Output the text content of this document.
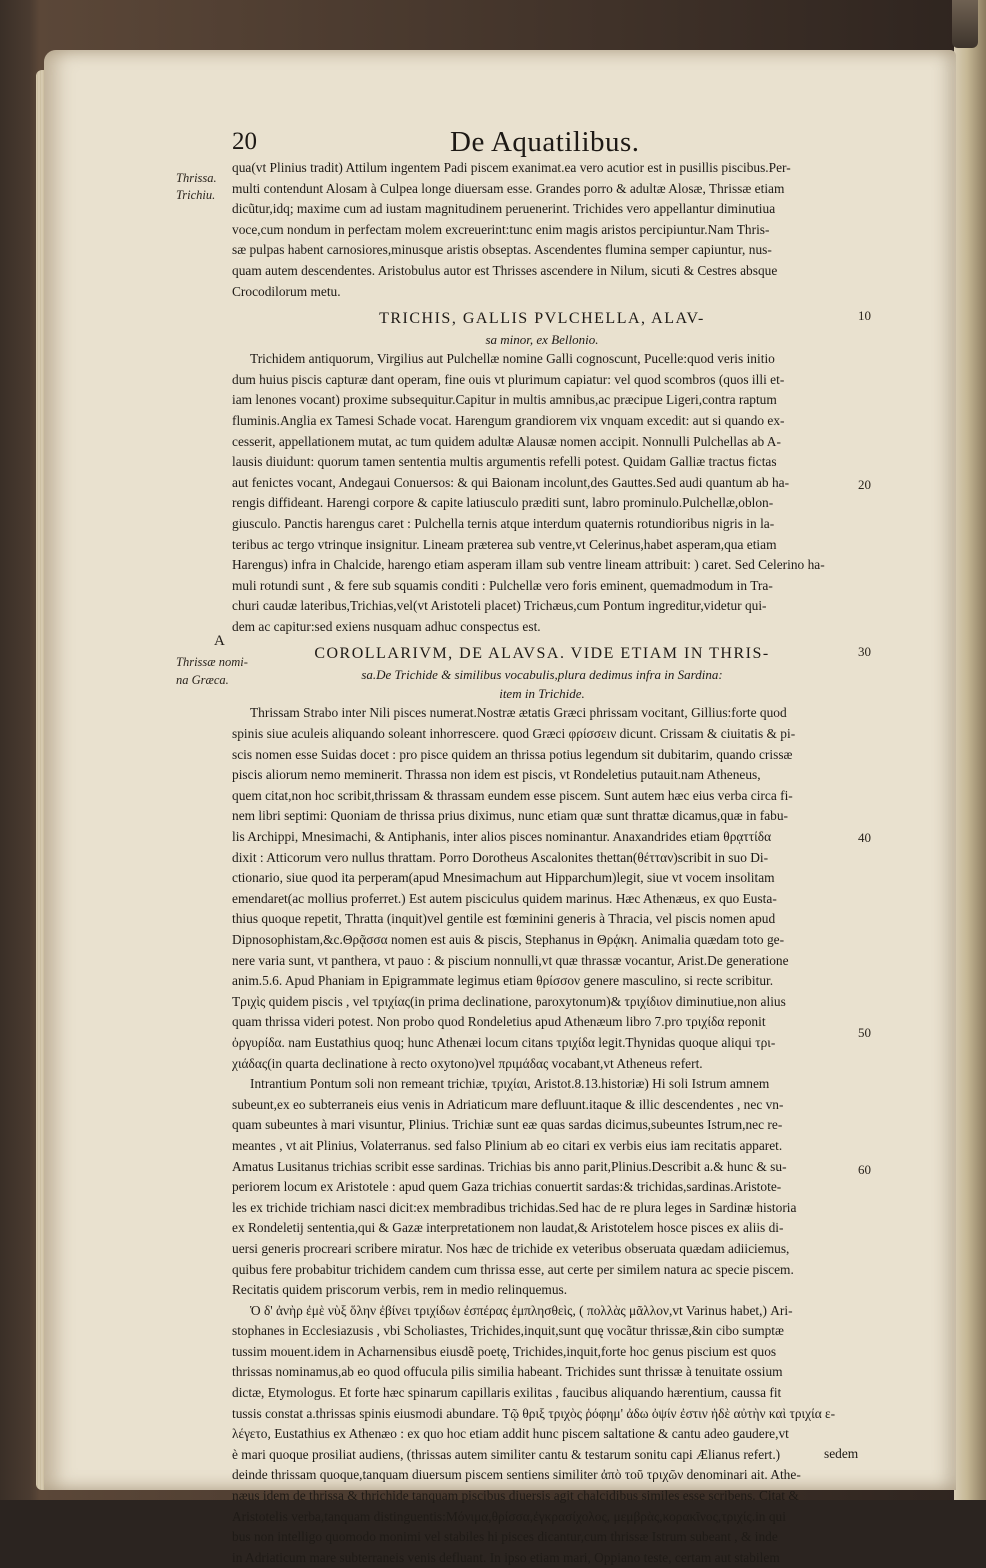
20	De Aquatilibus.
Thrissa.
Trichiu.
Thrissæ nomi-
na Græca.
A
10
20
30
40
50
60
qua(vt Plinius tradit) Attilum ingentem Padi piscem exanimat.ea vero acutior est in pusillis piscibus.Per-
multi contendunt Alosam à Culpea longe diuersam esse. Grandes porro & adultæ Alosæ, Thrissæ etiam
dicũtur,idq; maxime cum ad iustam magnitudinem peruenerint. Trichides vero appellantur diminutiua
voce,cum nondum in perfectam molem excreuerint:tunc enim magis aristos percipiuntur.Nam Thris-
sæ pulpas habent carnosiores,minusque aristis obseptas. Ascendentes flumina semper capiuntur, nus-
quam autem descendentes. Aristobulus autor est Thrisses ascendere in Nilum, sicuti & Cestres absque
Crocodilorum metu.
TRICHIS, GALLIS PVLCHELLA, ALAV-
sa minor, ex Bellonio.
Trichidem antiquorum, Virgilius aut Pulchellæ nomine Galli cognoscunt, Pucelle:quod veris initio
dum huius piscis capturæ dant operam, fine ouis vt plurimum capiatur: vel quod scombros (quos illi et-
iam lenones vocant) proxime subsequitur.Capitur in multis amnibus,ac præcipue Ligeri,contra raptum
fluminis.Anglia ex Tamesi Schade vocat. Harengum grandiorem vix vnquam excedit: aut si quando ex-
cesserit, appellationem mutat, ac tum quidem adultæ Alausæ nomen accipit. Nonnulli Pulchellas ab A-
lausis diuidunt: quorum tamen sententia multis argumentis refelli potest. Quidam Galliæ tractus fictas
aut fenictes vocant, Andegaui Conuersos: & qui Baionam incolunt,des Gauttes.Sed audi quantum ab ha-
rengis diffideant. Harengi corpore & capite latiusculo præditi sunt, labro prominulo.Pulchellæ,oblon-
giusculo. Panctis harengus caret : Pulchella ternis atque interdum quaternis rotundioribus nigris in la-
teribus ac tergo vtrinque insignitur. Lineam præterea sub ventre,vt Celerinus,habet asperam,qua etiam
Harengus) infra in Chalcide, harengo etiam asperam illam sub ventre lineam attribuit: ) caret. Sed Celerino ha-
muli rotundi sunt , & fere sub squamis conditi : Pulchellæ vero foris eminent, quemadmodum in Tra-
churi caudæ lateribus,Trichias,vel(vt Aristoteli placet) Trichæus,cum Pontum ingreditur,videtur qui-
dem ac capitur:sed exiens nusquam adhuc conspectus est.
COROLLARIVM, DE ALAVSA. VIDE ETIAM IN THRIS-
sa.De Trichide & similibus vocabulis,plura dedimus infra in Sardina:
item in Trichide.
Thrissam Strabo inter Nili pisces numerat.Nostræ ætatis Græci phrissam vocitant, Gillius:forte quod
spinis siue aculeis aliquando soleant inhorrescere. quod Græci φρίσσειν dicunt. Crissam & ciuitatis & pi-
scis nomen esse Suidas docet : pro pisce quidem an thrissa potius legendum sit dubitarim, quando crissæ
piscis aliorum nemo meminerit. Thrassa non idem est piscis, vt Rondeletius putauit.nam Atheneus,
quem citat,non hoc scribit,thrissam & thrassam eundem esse piscem. Sunt autem hæc eius verba circa fi-
nem libri septimi: Quoniam de thrissa prius diximus, nunc etiam quæ sunt thrattæ dicamus,quæ in fabu-
lis Archippi, Mnesimachi, & Antiphanis, inter alios pisces nominantur. Anaxandrides etiam θρᾳττίδα
dixit : Atticorum vero nullus thrattam. Porro Dorotheus Ascalonites thettan(θέτταν)scribit in suo Di-
ctionario, siue quod ita perperam(apud Mnesimachum aut Hipparchum)legit, siue vt vocem insolitam
emendaret(ac mollius proferret.) Est autem pisciculus quidem marinus. Hæc Athenæus, ex quo Eusta-
thius quoque repetit, Thratta (inquit)vel gentile est fœminini generis à Thracia, vel piscis nomen apud
Dipnosophistam,&c.Θρᾷσσα nomen est auis & piscis, Stephanus in Θρᾴκη. Animalia quædam toto ge-
nere varia sunt, vt panthera, vt pauo : & piscium nonnulli,vt quæ thrassæ vocantur, Arist.De generatione
anim.5.6. Apud Phaniam in Epigrammate legimus etiam θρίσσον genere masculino, si recte scribitur.
Τριχὶς quidem piscis , vel τριχίας(in prima declinatione, paroxytonum)& τριχίδιον diminutiue,non alius
quam thrissa videri potest. Non probo quod Rondeletius apud Athenæum libro 7.pro τριχίδα reponit
ὀργυρίδα. nam Eustathius quoq; hunc Athenæi locum citans τριχίδα legit.Thynidas quoque aliqui τρι-
χιάδας(in quarta declinatione à recto oxytono)vel πριμάδας vocabant,vt Atheneus refert.
Intrantium Pontum soli non remeant trichiæ, τριχίαι, Aristot.8.13.historiæ) Hi soli Istrum amnem
subeunt,ex eo subterraneis eius venis in Adriaticum mare defluunt.itaque & illic descendentes , nec vn-
quam subeuntes à mari visuntur, Plinius. Trichiæ sunt eæ quas sardas dicimus,subeuntes Istrum,nec re-
meantes , vt ait Plinius, Volaterranus. sed falso Plinium ab eo citari ex verbis eius iam recitatis apparet.
Amatus Lusitanus trichias scribit esse sardinas. Trichias bis anno parit,Plinius.Describit a.& hunc & su-
periorem locum ex Aristotele : apud quem Gaza trichias conuertit sardas:& trichidas,sardinas.Aristote-
les ex trichide trichiam nasci dicit:ex membradibus trichidas.Sed hac de re plura leges in Sardinæ historia
ex Rondeletij sententia,qui & Gazæ interpretationem non laudat,& Aristotelem hosce pisces ex aliis di-
uersi generis procreari scribere miratur. Nos hæc de trichide ex veteribus obseruata quædam adiiciemus,
quibus fere probabitur trichidem candem cum thrissa esse, aut certe per similem natura ac specie piscem.
Recitatis quidem priscorum verbis, rem in medio relinquemus.
Ὁ δ' ἀνὴρ ἐμὲ νὺξ ὅλην ἐβίνει τριχίδων ἐσπέρας ἐμπλησθεὶς, ( πολλὰς μᾶλλον,vt Varinus habet,) Ari-
stophanes in Ecclesiazusis , vbi Scholiastes, Trichides,inquit,sunt quę vocãtur thrissæ,&in cibo sumptæ
tussim mouent.idem in Acharnensibus eiusdẽ poetę, Trichides,inquit,forte hoc genus piscium est quos
thrissas nominamus,ab eo quod offucula pilis similia habeant. Trichides sunt thrissæ à tenuitate ossium
dictæ, Etymologus. Et forte hæc spinarum capillaris exilitas , faucibus aliquando hærentium, caussa fit
tussis constat a.thrissas spinis eiusmodi abundare. Τῷ θριξ τριχὸς ῥόφημ' ἀδω ὀψίν ἐστιν ἡδὲ αὐτὴν καὶ τριχία ε-
λέγετο, Eustathius ex Athenæo : ex quo hoc etiam addit hunc piscem saltatione & cantu adeo gaudere,vt
è mari quoque prosiliat audiens, (thrissas autem similiter cantu & testarum sonitu capi Ælianus refert.)
deinde thrissam quoque,tanquam diuersum piscem sentiens similiter ἀπὸ τοῦ τριχῶν denominari ait. Athe-
næus idem de thrissa & thrichide tanquam piscibus diuersis agit chalcidibus similes esse scribens. Citat &
Aristotelis verba,tanquam distinguentis:Μόνιμα,θρίσσα,ἐγκρασίχολος, μεμβρὰς,κορακῖνος,τριχίς.in qui
bus non intelligo quomodo monimi vel stabiles hi pisces dicantur,cum thrissæ Istrum subeant , & inde
in Adriaticum mare subterraneis venis defluant. In ipso etiam mari, Oppiano teste, certam aut stabilem
sedem
